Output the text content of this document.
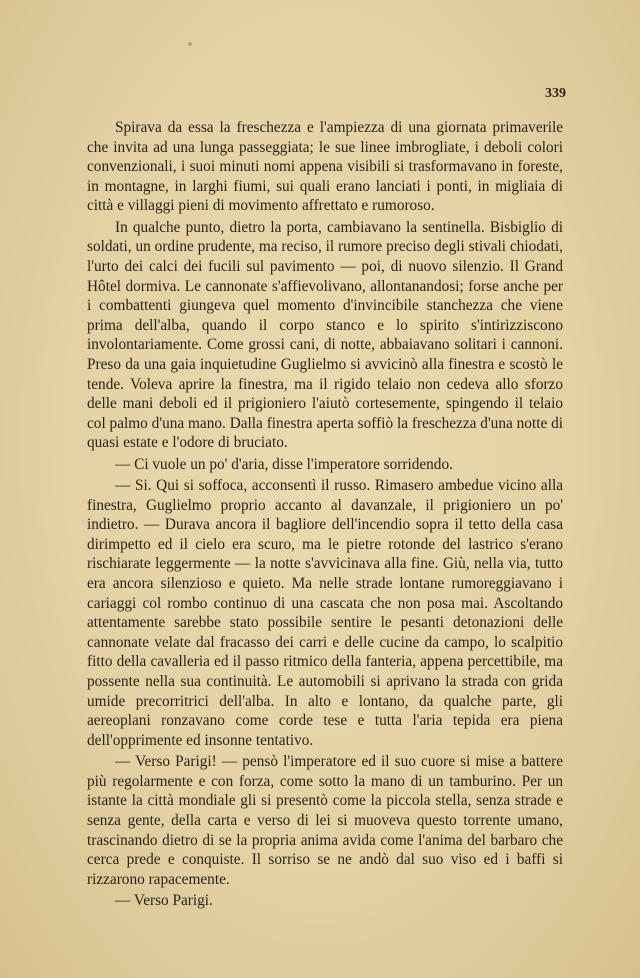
339

Spirava da essa la freschezza e l'ampiezza di una giornata primaverile che invita ad una lunga passeggiata; le sue linee imbrogliate, i deboli colori convenzionali, i suoi minuti nomi appena visibili si trasformavano in foreste, in montagne, in larghi fiumi, sui quali erano lanciati i ponti, in migliaia di città e villaggi pieni di movimento affrettato e rumoroso.

In qualche punto, dietro la porta, cambiavano la sentinella. Bisbiglio di soldati, un ordine prudente, ma reciso, il rumore preciso degli stivali chiodati, l'urto dei calci dei fucili sul pavimento — poi, di nuovo silenzio. Il Grand Hôtel dormiva. Le cannonate s'affievolivano, allontanandosi; forse anche per i combattenti giungeva quel momento d'invincibile stanchezza che viene prima dell'alba, quando il corpo stanco e lo spirito s'intirizziscono involontariamente. Come grossi cani, di notte, abbaiavano solitari i cannoni. Preso da una gaia inquietudine Guglielmo si avvicinò alla finestra e scostò le tende. Voleva aprire la finestra, ma il rigido telaio non cedeva allo sforzo delle mani deboli ed il prigioniero l'aiutò cortesemente, spingendo il telaio col palmo d'una mano. Dalla finestra aperta soffiò la freschezza d'una notte di quasi estate e l'odore di bruciato.

— Ci vuole un po' d'aria, disse l'imperatore sorridendo.

— Si. Qui si soffoca, acconsentì il russo. Rimasero ambedue vicino alla finestra, Guglielmo proprio accanto al davanzale, il prigioniero un po' indietro. — Durava ancora il bagliore dell'incendio sopra il tetto della casa dirimpetto ed il cielo era scuro, ma le pietre rotonde del lastrico s'erano rischiarate leggermente — la notte s'avvicinava alla fine. Giù, nella via, tutto era ancora silenzioso e quieto. Ma nelle strade lontane rumoreggiavano i cariaggi col rombo continuo di una cascata che non posa mai. Ascoltando attentamente sarebbe stato possibile sentire le pesanti detonazioni delle cannonate velate dal fracasso dei carri e delle cucine da campo, lo scalpitio fitto della cavalleria ed il passo ritmico della fanteria, appena percettibile, ma possente nella sua continuità. Le automobili si aprivano la strada con grida umide precorritrici dell'alba. In alto e lontano, da qualche parte, gli aereoplani ronzavano come corde tese e tutta l'aria tepida era piena dell'opprimente ed insonne tentativo.

— Verso Parigi! — pensò l'imperatore ed il suo cuore si mise a battere più regolarmente e con forza, come sotto la mano di un tamburino. Per un istante la città mondiale gli si presentò come la piccola stella, senza strade e senza gente, della carta e verso di lei si muoveva questo torrente umano, trascinando dietro di se la propria anima avida come l'anima del barbaro che cerca prede e conquiste. Il sorriso se ne andò dal suo viso ed i baffi si rizzarono rapacemente.

— Verso Parigi.
